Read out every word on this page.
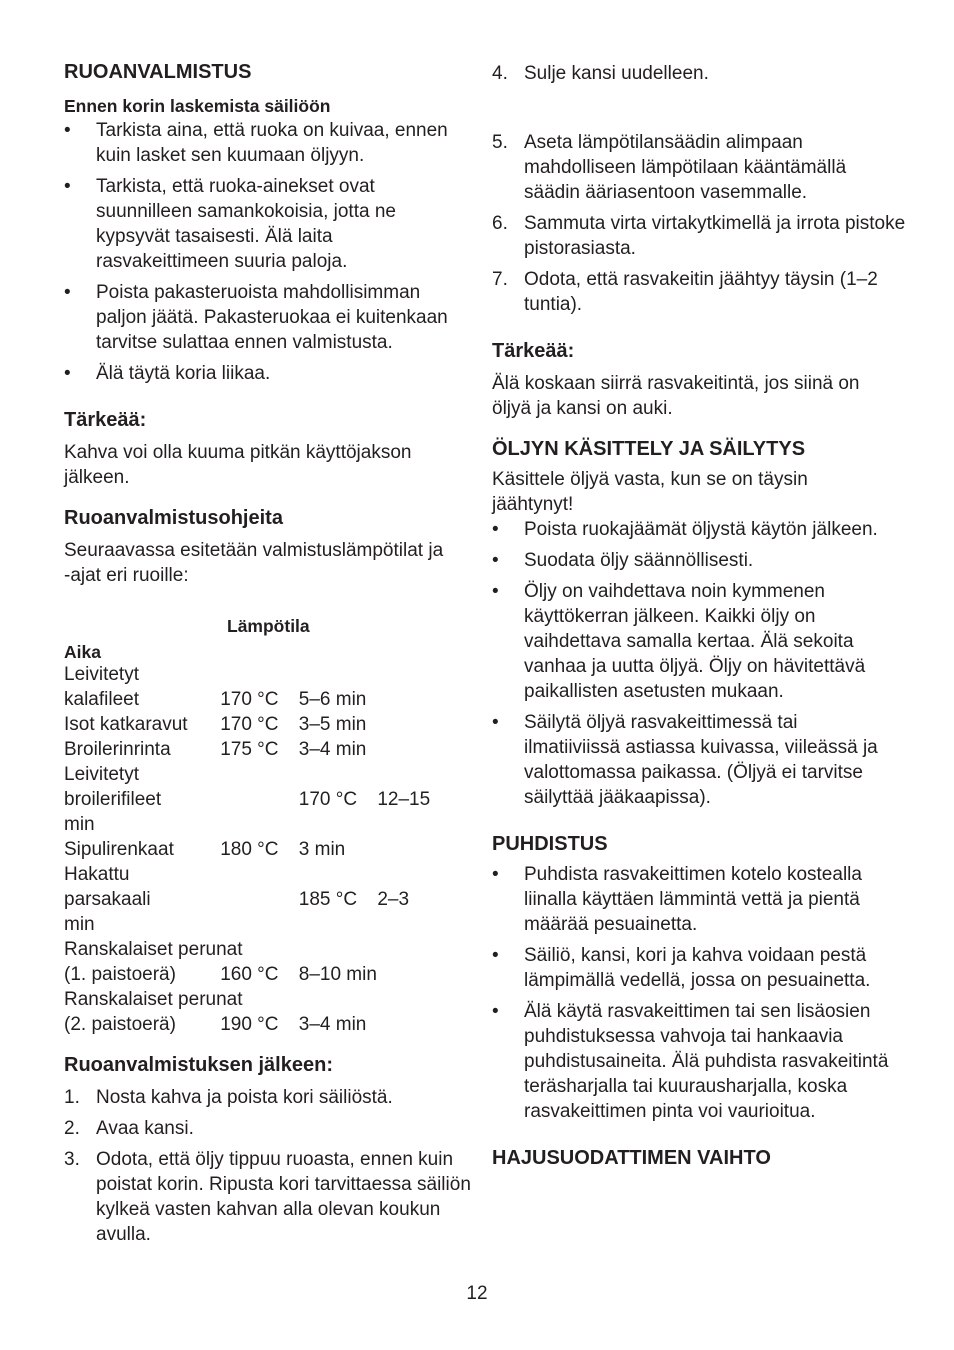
RUOANVALMISTUS
Ennen korin laskemista säiliöön
• Tarkista aina, että ruoka on kuivaa, ennen kuin lasket sen kuumaan öljyyn.
• Tarkista, että ruoka-ainekset ovat suunnilleen samankokoisia, jotta ne kypsyvät tasaisesti. Älä laita rasvakeittimeen suuria paloja.
• Poista pakasteruoista mahdollisimman paljon jäätä. Pakasteruokaa ei kuitenkaan tarvitse sulattaa ennen valmistusta.
• Älä täytä koria liikaa.
Tärkeää:

Kahva voi olla kuuma pitkän käyttöjakson jälkeen.

Ruoanvalmistusohjeita

Seuraavassa esitetään valmistuslämpötilat ja -ajat eri ruoille:

Lämpötila
Aika
Leivitetyt
kalafileet	170 °C	5–6 min
Isot katkaravut	170 °C	3–5 min
Broilerinrinta	175 °C	3–4 min
Leivitetyt
broilerifileet	170 °C	12–15
min
Sipulirenkaat	180 °C	3 min
Hakattu
parsakaali	185 °C	2–3
min
Ranskalaiset perunat
(1. paistoerä)	160 °C	8–10 min
Ranskalaiset perunat
(2. paistoerä)	190 °C	3–4 min
Ruoanvalmistuksen jälkeen:
1. Nosta kahva ja poista kori säiliöstä.
2. Avaa kansi.
3. Odota, että öljy tippuu ruoasta, ennen kuin poistat korin. Ripusta kori tarvittaessa säiliön kylkeä vasten kahvan alla olevan koukun avulla.
4. Sulje kansi uudelleen.
5. Aseta lämpötilansäädin alimpaan mahdolliseen lämpötilaan kääntämällä säädin ääriasentoon vasemmalle.
6. Sammuta virta virtakytkimellä ja irrota pistoke pistorasiasta.
7. Odota, että rasvakeitin jäähtyy täysin (1–2 tuntia).
Tärkeää:

Älä koskaan siirrä rasvakeitintä, jos siinä on öljyä ja kansi on auki.

ÖLJYN KÄSITTELY JA SÄILYTYS

Käsittele öljyä vasta, kun se on täysin jäähtynyt!

• Poista ruokajäämät öljystä käytön jälkeen.
• Suodata öljy säännöllisesti.
• Öljy on vaihdettava noin kymmenen käyttökerran jälkeen. Kaikki öljy on vaihdettava samalla kertaa. Älä sekoita vanhaa ja uutta öljyä. Öljy on hävitettävä paikallisten asetusten mukaan.
• Säilytä öljyä rasvakeittimessä tai ilmatiiviissä astiassa kuivassa, viileässä ja valottomassa paikassa. (Öljyä ei tarvitse säilyttää jääkaapissa).
PUHDISTUS
• Puhdista rasvakeittimen kotelo kostealla liinalla käyttäen lämmintä vettä ja pientä määrää pesuainetta.
• Säiliö, kansi, kori ja kahva voidaan pestä lämpimällä vedellä, jossa on pesuainetta.
• Älä käytä rasvakeittimen tai sen lisäosien puhdistuksessa vahvoja tai hankaavia puhdistusaineita. Älä puhdista rasvakeitintä teräsharjalla tai kuurausharjalla, koska rasvakeittimen pinta voi vaurioitua.
HAJUSUODATTIMEN VAIHTO
12
